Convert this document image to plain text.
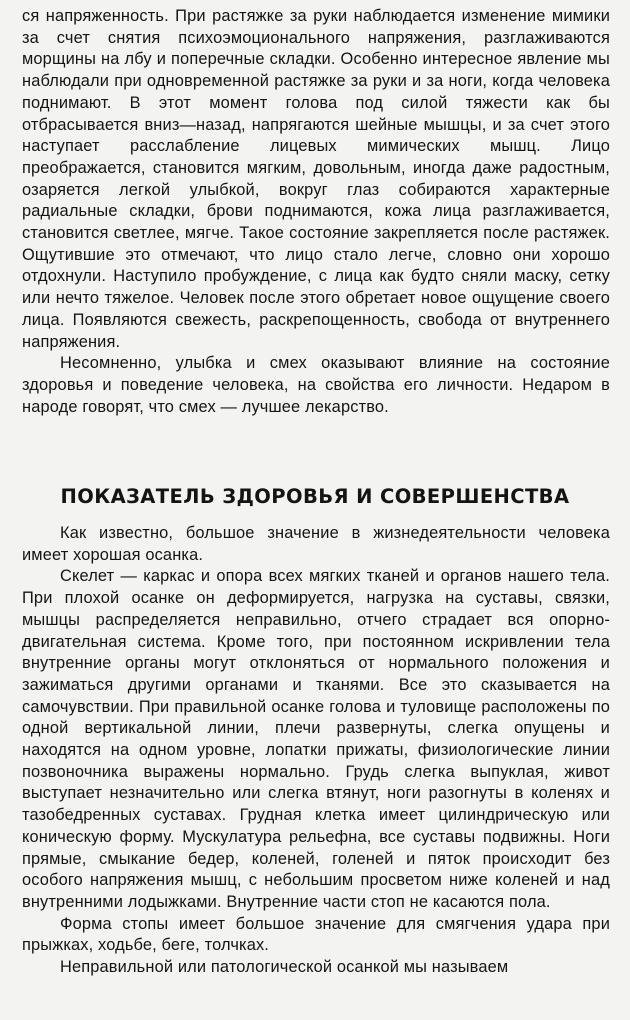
ся напряженность. При растяжке за руки наблюдается изменение мимики за счет снятия психоэмоционального напряжения, разглаживаются морщины на лбу и поперечные складки. Особенно интересное явление мы наблюдали при одновременной растяжке за руки и за ноги, когда человека поднимают. В этот момент голова под силой тяжести как бы отбрасывается вниз—назад, напрягаются шейные мышцы, и за счет этого наступает расслабление лицевых мимических мышц. Лицо преображается, становится мягким, довольным, иногда даже радостным, озаряется легкой улыбкой, вокруг глаз собираются характерные радиальные складки, брови поднимаются, кожа лица разглаживается, становится светлее, мягче. Такое состояние закрепляется после растяжек. Ощутившие это отмечают, что лицо стало легче, словно они хорошо отдохнули. Наступило пробуждение, с лица как будто сняли маску, сетку или нечто тяжелое. Человек после этого обретает новое ощущение своего лица. Появляются свежесть, раскрепощенность, свобода от внутреннего напряжения.

Несомненно, улыбка и смех оказывают влияние на состояние здоровья и поведение человека, на свойства его личности. Недаром в народе говорят, что смех — лучшее лекарство.

ПОКАЗАТЕЛЬ ЗДОРОВЬЯ И СОВЕРШЕНСТВА

Как известно, большое значение в жизнедеятельности человека имеет хорошая осанка.

Скелет — каркас и опора всех мягких тканей и органов нашего тела. При плохой осанке он деформируется, нагрузка на суставы, связки, мышцы распределяется неправильно, отчего страдает вся опорно-двигательная система. Кроме того, при постоянном искривлении тела внутренние органы могут отклоняться от нормального положения и зажиматься другими органами и тканями. Все это сказывается на самочувствии. При правильной осанке голова и туловище расположены по одной вертикальной линии, плечи развернуты, слегка опущены и находятся на одном уровне, лопатки прижаты, физиологические линии позвоночника выражены нормально. Грудь слегка выпуклая, живот выступает незначительно или слегка втянут, ноги разогнуты в коленях и тазобедренных суставах. Грудная клетка имеет цилиндрическую или коническую форму. Мускулатура рельефна, все суставы подвижны. Ноги прямые, смыкание бедер, коленей, голеней и пяток происходит без особого напряжения мышц, с небольшим просветом ниже коленей и над внутренними лодыжками. Внутренние части стоп не касаются пола.

Форма стопы имеет большое значение для смягчения удара при прыжках, ходьбе, беге, толчках.

Неправильной или патологической осанкой мы называем
